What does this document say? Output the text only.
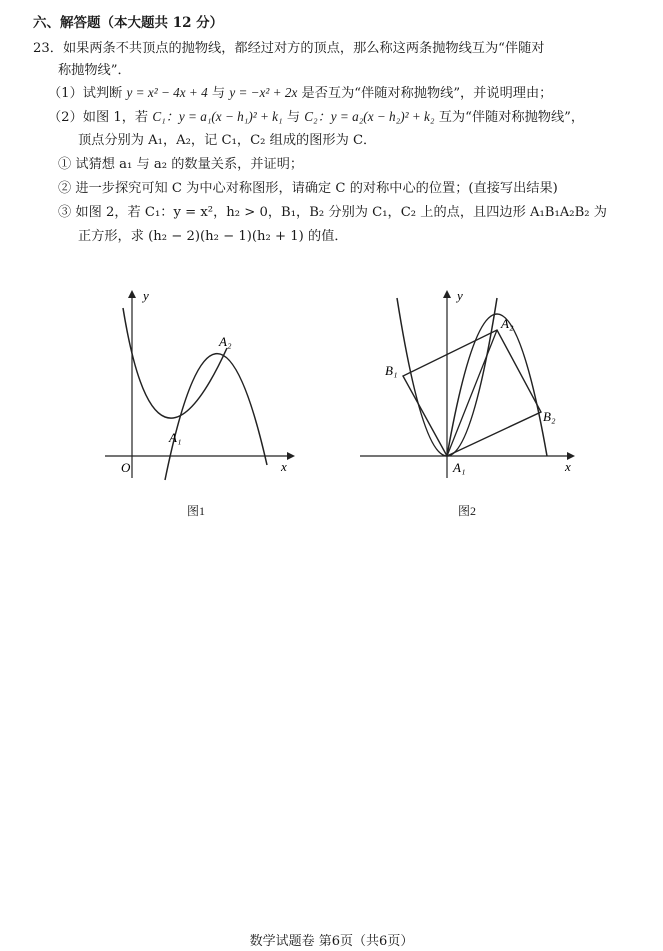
六、解答题（本大题共 12 分）
23．如果两条不共顶点的抛物线，都经过对方的顶点，那么称这两条抛物线互为“伴随对
称抛物线”．
（1）试判断 y = x² − 4x + 4 与 y = −x² + 2x 是否互为“伴随对称抛物线”，并说明理由；
（2）如图 1，若 C₁：y = a₁(x − h₁)² + k₁ 与 C₂：y = a₂(x − h₂)² + k₂ 互为“伴随对称抛物线”，
顶点分别为 A₁，A₂，记 C₁，C₂ 组成的图形为 C．
① 试猜想 a₁ 与 a₂ 的数量关系，并证明；
② 进一步探究可知 C 为中心对称图形，请确定 C 的对称中心的位置；(直接写出结果)
③ 如图 2，若 C₁：y = x²，h₂ > 0，B₁，B₂ 分别为 C₁，C₂ 上的点，且四边形 A₁B₁A₂B₂ 为
正方形，求 (h₂ − 2)(h₂ − 1)(h₂ + 1) 的值．
x
y
O
A₁
A₂
图1
x
y
A₁
A₂
B₁
B₂
图2
数学试题卷 第6页（共6页）
